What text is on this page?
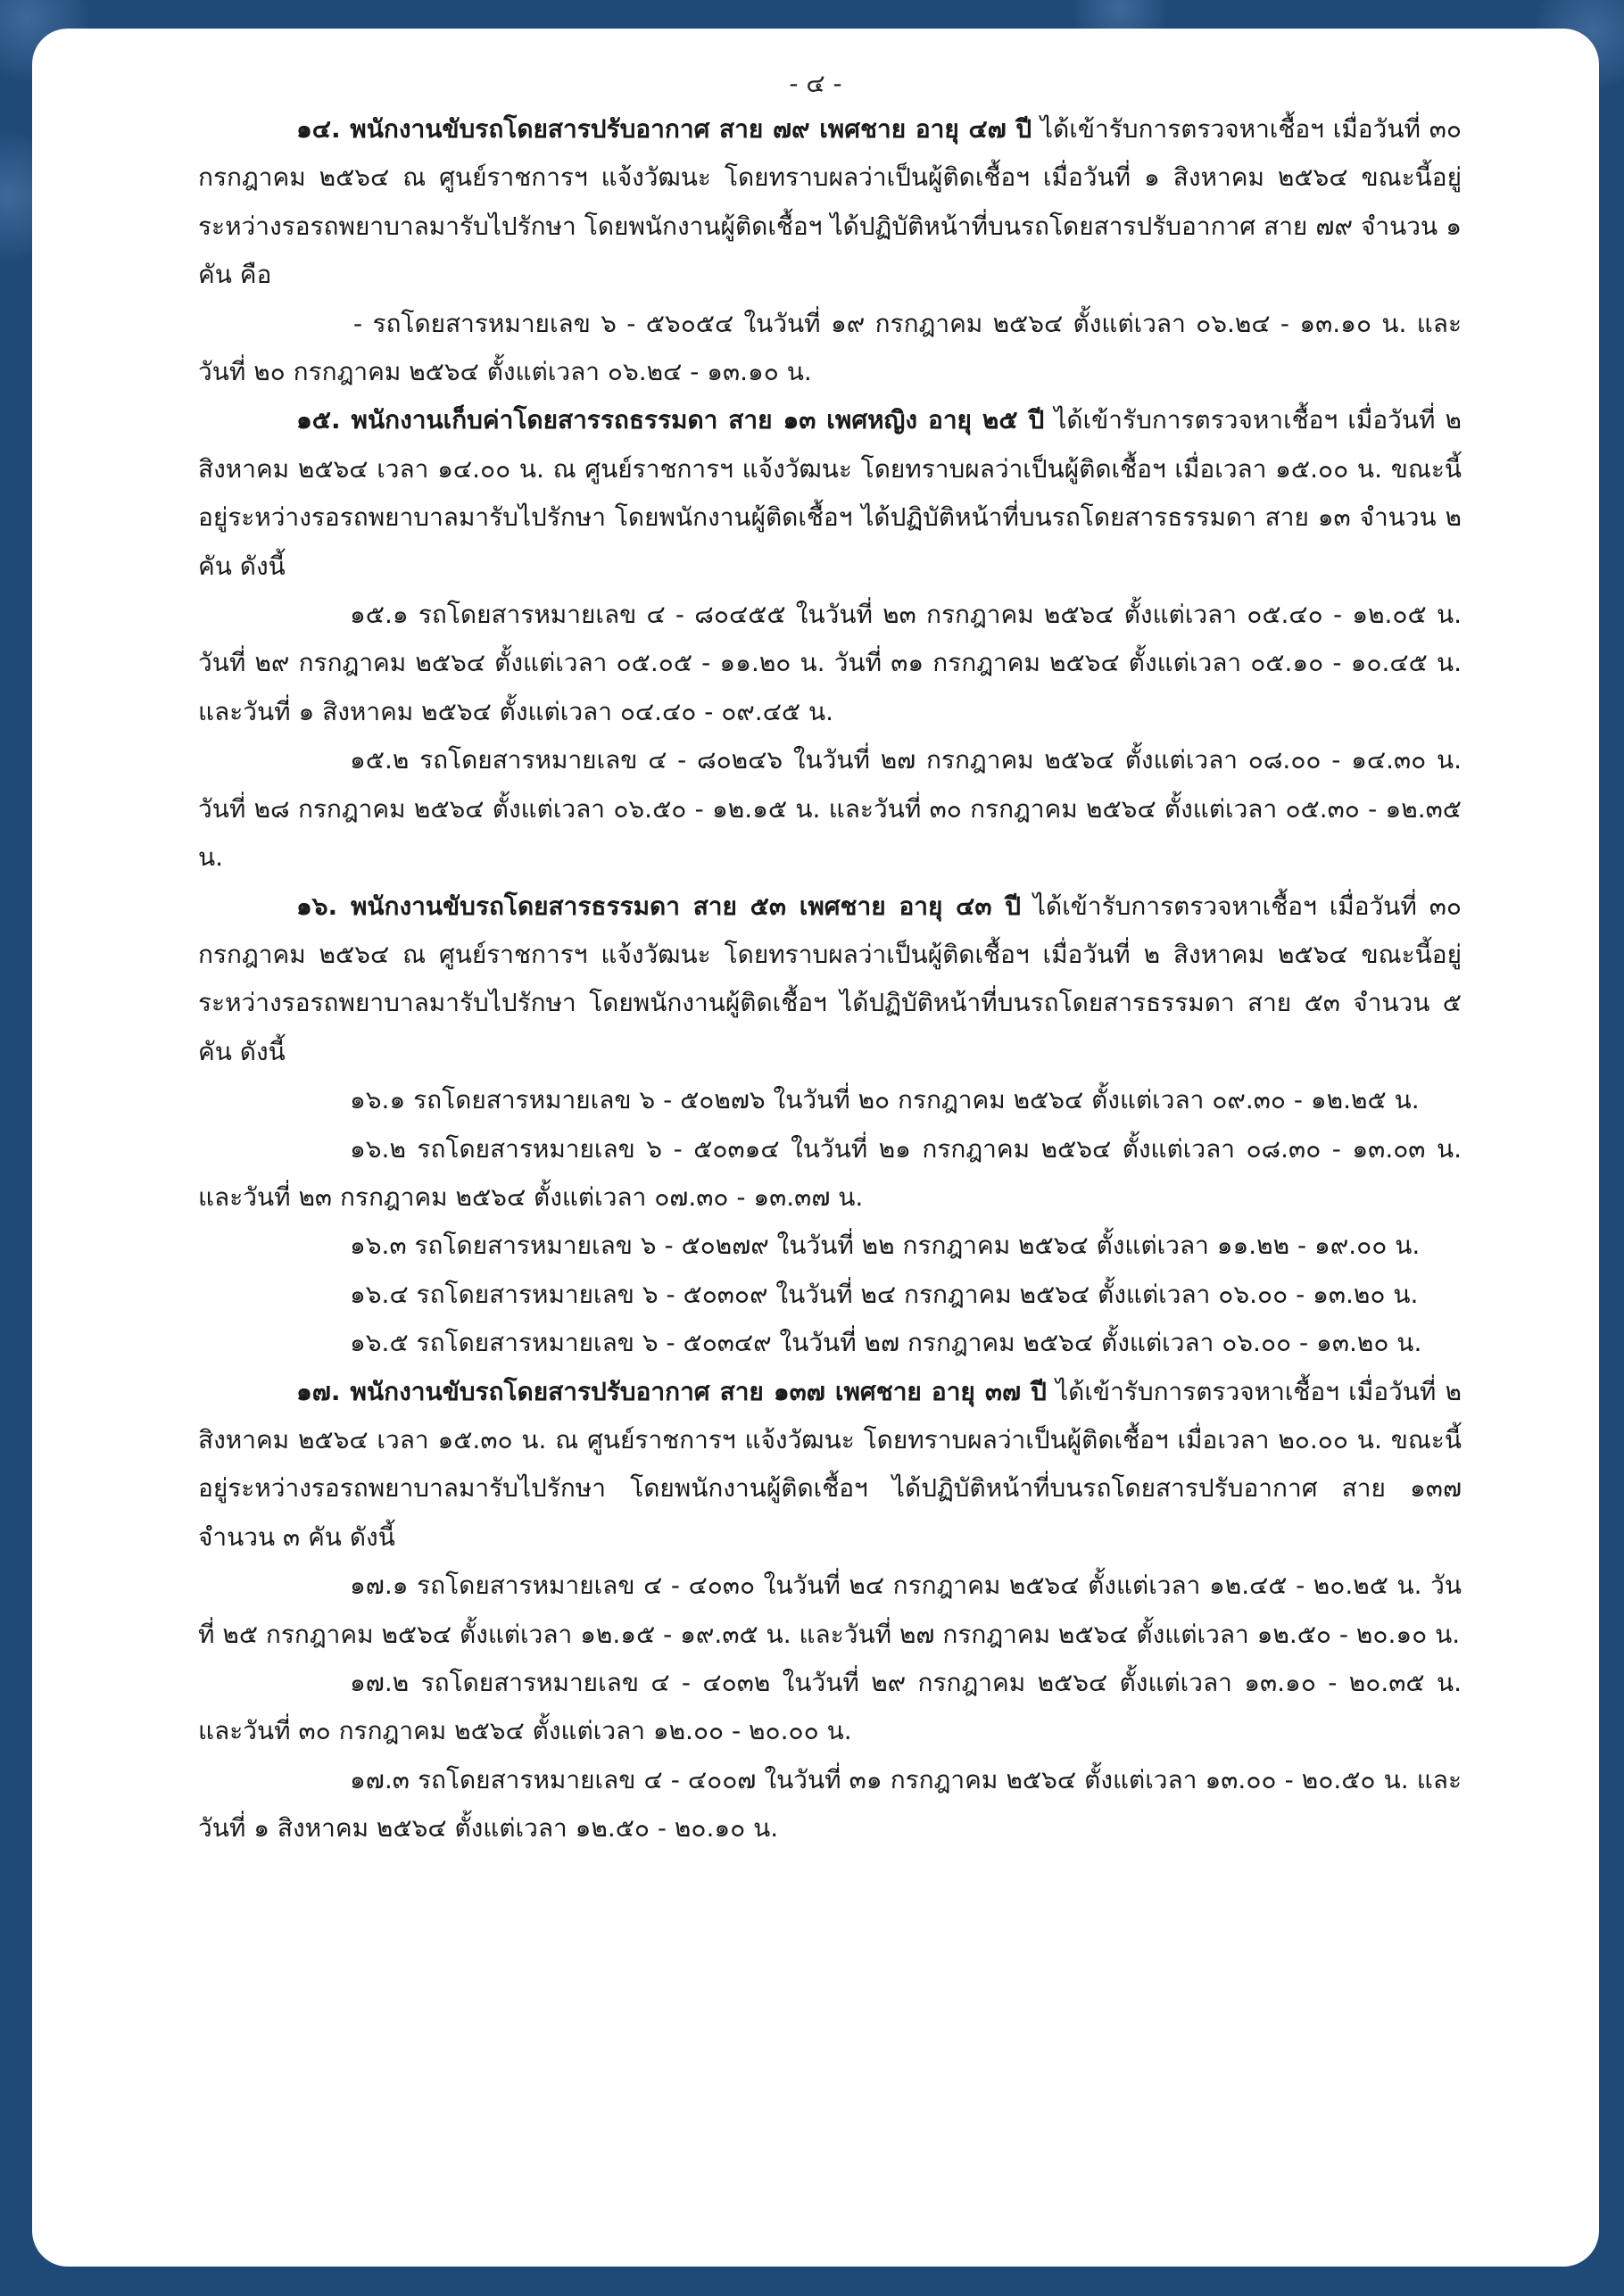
- ๔ -

๑๔. พนักงานขับรถโดยสารปรับอากาศ สาย ๗๙ เพศชาย อายุ ๔๗ ปี ได้เข้ารับการตรวจหาเชื้อฯ เมื่อวันที่ ๓๐ กรกฎาคม ๒๕๖๔ ณ ศูนย์ราชการฯ แจ้งวัฒนะ โดยทราบผลว่าเป็นผู้ติดเชื้อฯ เมื่อวันที่ ๑ สิงหาคม ๒๕๖๔ ขณะนี้อยู่ระหว่างรอรถพยาบาลมารับไปรักษา โดยพนักงานผู้ติดเชื้อฯ ได้ปฏิบัติหน้าที่บนรถโดยสารปรับอากาศ สาย ๗๙ จำนวน ๑ คัน คือ

- รถโดยสารหมายเลข ๖ - ๕๖๐๕๔ ในวันที่ ๑๙ กรกฎาคม ๒๕๖๔ ตั้งแต่เวลา ๐๖.๒๔ - ๑๓.๑๐ น. และวันที่ ๒๐ กรกฎาคม ๒๕๖๔ ตั้งแต่เวลา ๐๖.๒๔ - ๑๓.๑๐ น.

๑๕. พนักงานเก็บค่าโดยสารรถธรรมดา สาย ๑๓ เพศหญิง อายุ ๒๕ ปี ได้เข้ารับการตรวจหาเชื้อฯ เมื่อวันที่ ๒ สิงหาคม ๒๕๖๔ เวลา ๑๔.๐๐ น. ณ ศูนย์ราชการฯ แจ้งวัฒนะ โดยทราบผลว่าเป็นผู้ติดเชื้อฯ เมื่อเวลา ๑๕.๐๐ น. ขณะนี้อยู่ระหว่างรอรถพยาบาลมารับไปรักษา โดยพนักงานผู้ติดเชื้อฯ ได้ปฏิบัติหน้าที่บนรถโดยสารธรรมดา สาย ๑๓ จำนวน ๒ คัน ดังนี้

๑๕.๑ รถโดยสารหมายเลข ๔ - ๘๐๔๕๕ ในวันที่ ๒๓ กรกฎาคม ๒๕๖๔ ตั้งแต่เวลา ๐๕.๔๐ - ๑๒.๐๕ น. วันที่ ๒๙ กรกฎาคม ๒๕๖๔ ตั้งแต่เวลา ๐๕.๐๕ - ๑๑.๒๐ น. วันที่ ๓๑ กรกฎาคม ๒๕๖๔ ตั้งแต่เวลา ๐๕.๑๐ - ๑๐.๔๕ น. และวันที่ ๑ สิงหาคม ๒๕๖๔ ตั้งแต่เวลา ๐๔.๔๐ - ๐๙.๔๕ น.

๑๕.๒ รถโดยสารหมายเลข ๔ - ๘๐๒๔๖ ในวันที่ ๒๗ กรกฎาคม ๒๕๖๔ ตั้งแต่เวลา ๐๘.๐๐ - ๑๔.๓๐ น. วันที่ ๒๘ กรกฎาคม ๒๕๖๔ ตั้งแต่เวลา ๐๖.๕๐ - ๑๒.๑๕ น. และวันที่ ๓๐ กรกฎาคม ๒๕๖๔ ตั้งแต่เวลา ๐๕.๓๐ - ๑๒.๓๕ น.

๑๖. พนักงานขับรถโดยสารธรรมดา สาย ๕๓ เพศชาย อายุ ๔๓ ปี ได้เข้ารับการตรวจหาเชื้อฯ เมื่อวันที่ ๓๐ กรกฎาคม ๒๕๖๔ ณ ศูนย์ราชการฯ แจ้งวัฒนะ โดยทราบผลว่าเป็นผู้ติดเชื้อฯ เมื่อวันที่ ๒ สิงหาคม ๒๕๖๔ ขณะนี้อยู่ระหว่างรอรถพยาบาลมารับไปรักษา โดยพนักงานผู้ติดเชื้อฯ ได้ปฏิบัติหน้าที่บนรถโดยสารธรรมดา สาย ๕๓ จำนวน ๕ คัน ดังนี้

๑๖.๑ รถโดยสารหมายเลข ๖ - ๕๐๒๗๖ ในวันที่ ๒๐ กรกฎาคม ๒๕๖๔ ตั้งแต่เวลา ๐๙.๓๐ - ๑๒.๒๕ น.

๑๖.๒ รถโดยสารหมายเลข ๖ - ๕๐๓๑๔ ในวันที่ ๒๑ กรกฎาคม ๒๕๖๔ ตั้งแต่เวลา ๐๘.๓๐ - ๑๓.๐๓ น. และวันที่ ๒๓ กรกฎาคม ๒๕๖๔ ตั้งแต่เวลา ๐๗.๓๐ - ๑๓.๓๗ น.

๑๖.๓ รถโดยสารหมายเลข ๖ - ๕๐๒๗๙ ในวันที่ ๒๒ กรกฎาคม ๒๕๖๔ ตั้งแต่เวลา ๑๑.๒๒ - ๑๙.๐๐ น.

๑๖.๔ รถโดยสารหมายเลข ๖ - ๕๐๓๐๙ ในวันที่ ๒๔ กรกฎาคม ๒๕๖๔ ตั้งแต่เวลา ๐๖.๐๐ - ๑๓.๒๐ น.

๑๖.๕ รถโดยสารหมายเลข ๖ - ๕๐๓๔๙ ในวันที่ ๒๗ กรกฎาคม ๒๕๖๔ ตั้งแต่เวลา ๐๖.๐๐ - ๑๓.๒๐ น.

๑๗. พนักงานขับรถโดยสารปรับอากาศ สาย ๑๓๗ เพศชาย อายุ ๓๗ ปี ได้เข้ารับการตรวจหาเชื้อฯ เมื่อวันที่ ๒ สิงหาคม ๒๕๖๔ เวลา ๑๕.๓๐ น. ณ ศูนย์ราชการฯ แจ้งวัฒนะ โดยทราบผลว่าเป็นผู้ติดเชื้อฯ เมื่อเวลา ๒๐.๐๐ น. ขณะนี้อยู่ระหว่างรอรถพยาบาลมารับไปรักษา โดยพนักงานผู้ติดเชื้อฯ ได้ปฏิบัติหน้าที่บนรถโดยสารปรับอากาศ สาย ๑๓๗ จำนวน ๓ คัน ดังนี้

๑๗.๑ รถโดยสารหมายเลข ๔ - ๔๐๓๐ ในวันที่ ๒๔ กรกฎาคม ๒๕๖๔ ตั้งแต่เวลา ๑๒.๔๕ - ๒๐.๒๕ น. วันที่ ๒๕ กรกฎาคม ๒๕๖๔ ตั้งแต่เวลา ๑๒.๑๕ - ๑๙.๓๕ น. และวันที่ ๒๗ กรกฎาคม ๒๕๖๔ ตั้งแต่เวลา ๑๒.๕๐ - ๒๐.๑๐ น.

๑๗.๒ รถโดยสารหมายเลข ๔ - ๔๐๓๒ ในวันที่ ๒๙ กรกฎาคม ๒๕๖๔ ตั้งแต่เวลา ๑๓.๑๐ - ๒๐.๓๕ น. และวันที่ ๓๐ กรกฎาคม ๒๕๖๔ ตั้งแต่เวลา ๑๒.๐๐ - ๒๐.๐๐ น.

๑๗.๓ รถโดยสารหมายเลข ๔ - ๔๐๐๗ ในวันที่ ๓๑ กรกฎาคม ๒๕๖๔ ตั้งแต่เวลา ๑๓.๐๐ - ๒๐.๕๐ น. และวันที่ ๑ สิงหาคม ๒๕๖๔ ตั้งแต่เวลา ๑๒.๕๐ - ๒๐.๑๐ น.
